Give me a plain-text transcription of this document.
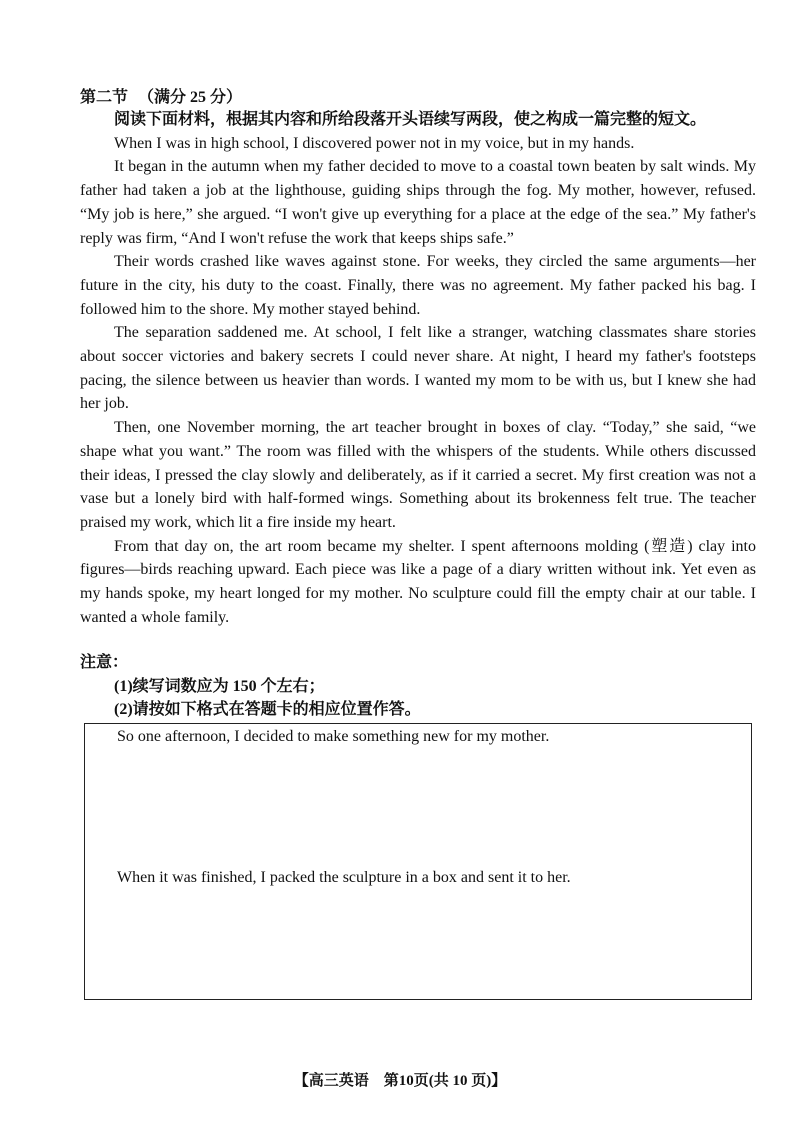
第二节 （满分 25 分）

阅读下面材料，根据其内容和所给段落开头语续写两段，使之构成一篇完整的短文。

When I was in high school, I discovered power not in my voice, but in my hands.

It began in the autumn when my father decided to move to a coastal town beaten by salt winds. My father had taken a job at the lighthouse, guiding ships through the fog. My mother, however, refused. “My job is here,” she argued. “I won't give up everything for a place at the edge of the sea.” My father's reply was firm, “And I won't refuse the work that keeps ships safe.”

Their words crashed like waves against stone. For weeks, they circled the same arguments—her future in the city, his duty to the coast. Finally, there was no agreement. My father packed his bag. I followed him to the shore. My mother stayed behind.

The separation saddened me. At school, I felt like a stranger, watching classmates share stories about soccer victories and bakery secrets I could never share. At night, I heard my father's footsteps pacing, the silence between us heavier than words. I wanted my mom to be with us, but I knew she had her job.

Then, one November morning, the art teacher brought in boxes of clay. “Today,” she said, “we shape what you want.” The room was filled with the whispers of the students. While others discussed their ideas, I pressed the clay slowly and deliberately, as if it carried a secret. My first creation was not a vase but a lonely bird with half-formed wings. Something about its brokenness felt true. The teacher praised my work, which lit a fire inside my heart.

From that day on, the art room became my shelter. I spent afternoons molding (塑造) clay into figures—birds reaching upward. Each piece was like a page of a diary written without ink. Yet even as my hands spoke, my heart longed for my mother. No sculpture could fill the empty chair at our table. I wanted a whole family.

注意：
(1)续写词数应为 150 个左右；
(2)请按如下格式在答题卡的相应位置作答。
So one afternoon, I decided to make something new for my mother.
When it was finished, I packed the sculpture in a box and sent it to her.
【高三英语　第10页(共 10 页)】
